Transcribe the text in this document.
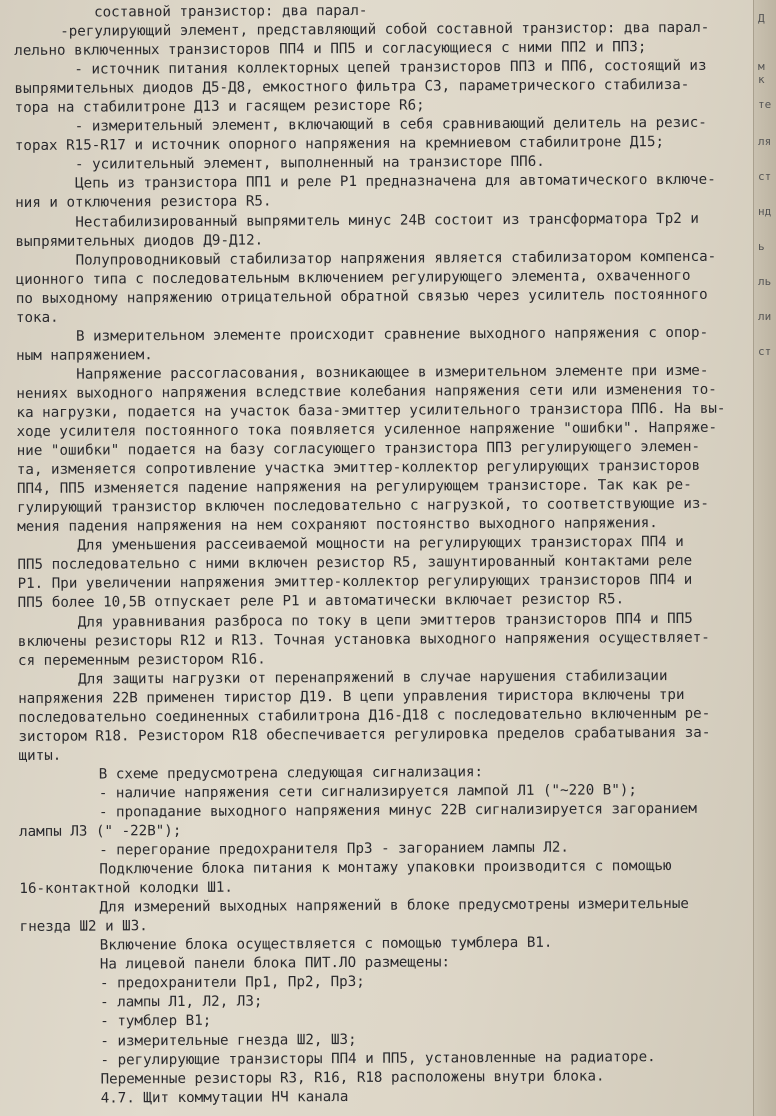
составной транзистор: два парал-
-регулирующий элемент, представляющий собой составной транзистор: два парал-
лельно включенных транзисторов ПП4 и ПП5 и согласующиеся с ними ПП2 и ПП3;
- источник питания коллекторных цепей транзисторов ПП3 и ПП6, состоящий из
выпрямительных диодов Д5-Д8, емкостного фильтра С3, параметрического стабилиза-
тора на стабилитроне Д13 и гасящем резисторе R6;
- измерительный элемент, включающий в себя сравнивающий делитель на резис-
торах R15-R17 и источник опорного напряжения на кремниевом стабилитроне Д15;
- усилительный элемент, выполненный на транзисторе ПП6.
Цепь из транзистора ПП1 и реле Р1 предназначена для автоматического включе-
ния и отключения резистора R5.
Нестабилизированный выпрямитель минус 24В состоит из трансформатора Тр2 и
выпрямительных диодов Д9-Д12.
Полупроводниковый стабилизатор напряжения является стабилизатором компенса-
ционного типа с последовательным включением регулирующего элемента, охваченного
по выходному напряжению отрицательной обратной связью через усилитель постоянного
тока.
В измерительном элементе происходит сравнение выходного напряжения с опор-
ным напряжением.
Напряжение рассогласования, возникающее в измерительном элементе при изме-
нениях выходного напряжения вследствие колебания напряжения сети или изменения то-
ка нагрузки, подается на участок база-эмиттер усилительного транзистора ПП6. На вы-
ходе усилителя постоянного тока появляется усиленное напряжение "ошибки". Напряже-
ние "ошибки" подается на базу согласующего транзистора ПП3 регулирующего элемен-
та, изменяется сопротивление участка эмиттер-коллектор регулирующих транзисторов
ПП4, ПП5 изменяется падение напряжения на регулирующем транзисторе. Так как ре-
гулирующий транзистор включен последовательно с нагрузкой, то соответствующие из-
мения падения напряжения на нем сохраняют постоянство выходного напряжения.
Для уменьшения рассеиваемой мощности на регулирующих транзисторах ПП4 и
ПП5 последовательно с ними включен резистор R5, зашунтированный контактами реле
Р1. При увеличении напряжения эмиттер-коллектор регулирующих транзисторов ПП4 и
ПП5 более 10,5В отпускает реле Р1 и автоматически включает резистор R5.
Для уравнивания разброса по току в цепи эмиттеров транзисторов ПП4 и ПП5
включены резисторы R12 и R13. Точная установка выходного напряжения осуществляет-
ся переменным резистором R16.
Для защиты нагрузки от перенапряжений в случае нарушения стабилизации
напряжения 22В применен тиристор Д19. В цепи управления тиристора включены три
последовательно соединенных стабилитрона Д16-Д18 с последовательно включенным ре-
зистором R18. Резистором R18 обеспечивается регулировка пределов срабатывания за-
щиты.
В схеме предусмотрена следующая сигнализация:
- наличие напряжения сети сигнализируется лампой Л1 ("~220 В");
- пропадание выходного напряжения минус 22В сигнализируется загоранием
лампы Л3 (" -22В");
- перегорание предохранителя Пр3 - загоранием лампы Л2.
Подключение блока питания к монтажу упаковки производится с помощью
16-контактной колодки Ш1.
Для измерений выходных напряжений в блоке предусмотрены измерительные
гнезда Ш2 и Ш3.
Включение блока осуществляется с помощью тумблера В1.
На лицевой панели блока ПИТ.ЛО размещены:
- предохранители Пр1, Пр2, Пр3;
- лампы Л1, Л2, Л3;
- тумблер В1;
- измерительные гнезда Ш2, Ш3;
- регулирующие транзисторы ПП4 и ПП5, установленные на радиаторе.
Переменные резисторы R3, R16, R18 расположены внутри блока.
4.7. Щит коммутации НЧ канала
Д
м к
те
ля
ст
нд
ь
ль
ли
ст
